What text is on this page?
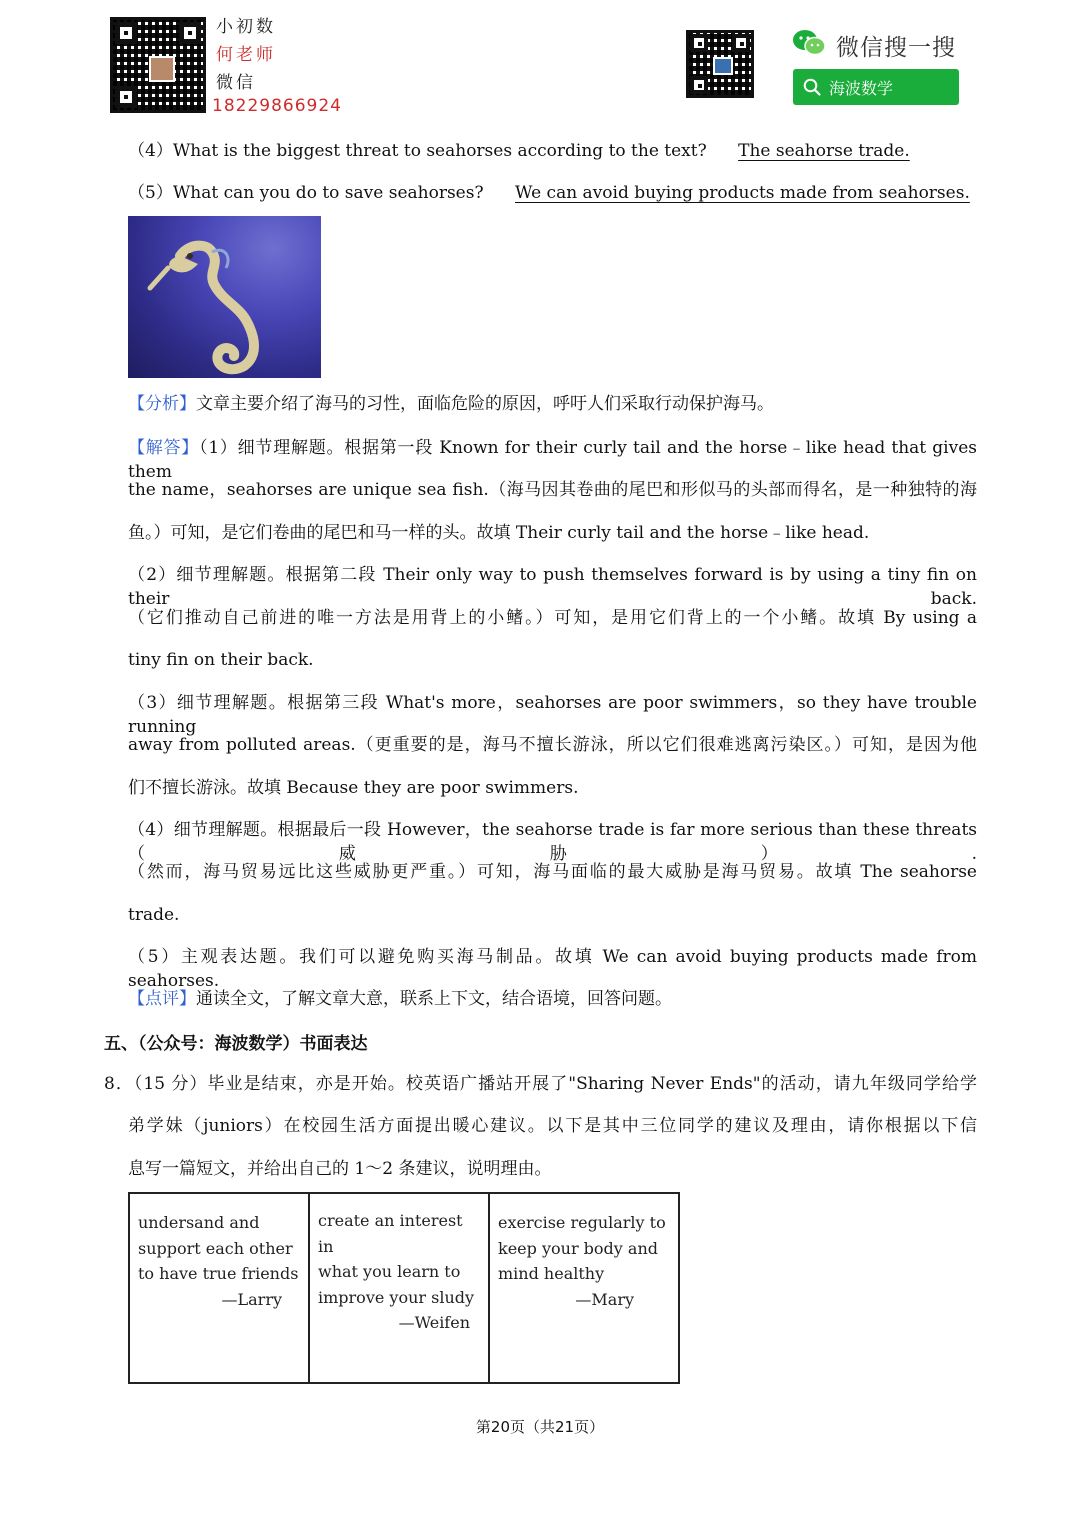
小初数
何老师
微信
18229866924
微信搜一搜
海波数学
（4）What is the biggest threat to seahorses according to the text? The seahorse trade.
（5）What can you do to save seahorses? We can avoid buying products made from seahorses.
【分析】文章主要介绍了海马的习性，面临危险的原因，呼吁人们采取行动保护海马。
【解答】（1）细节理解题。根据第一段 Known for their curly tail and the horse﹣like head that gives them
the name，seahorses are unique sea fish.（海马因其卷曲的尾巴和形似马的头部而得名，是一种独特的海
鱼。）可知，是它们卷曲的尾巴和马一样的头。故填 Their curly tail and the horse﹣like head.
（2）细节理解题。根据第二段 Their only way to push themselves forward is by using a tiny fin on their back.
（它们推动自己前进的唯一方法是用背上的小鳍。）可知，是用它们背上的一个小鳍。故填 By using a
tiny fin on their back.
（3）细节理解题。根据第三段 What's more，seahorses are poor swimmers，so they have trouble running
away from polluted areas.（更重要的是，海马不擅长游泳，所以它们很难逃离污染区。）可知，是因为他
们不擅长游泳。故填 Because they are poor swimmers.
（4）细节理解题。根据最后一段 However，the seahorse trade is far more serious than these threats（威胁）.
（然而，海马贸易远比这些威胁更严重。）可知，海马面临的最大威胁是海马贸易。故填 The seahorse
trade.
（5）主观表达题。我们可以避免购买海马制品。故填 We can avoid buying products made from seahorses.
【点评】通读全文，了解文章大意，联系上下文，结合语境，回答问题。
五、（公众号：海波数学）书面表达
8．（15 分）毕业是结束，亦是开始。校英语广播站开展了"Sharing Never Ends"的活动，请九年级同学给学
弟学妹（juniors）在校园生活方面提出暖心建议。以下是其中三位同学的建议及理由，请你根据以下信
息写一篇短文，并给出自己的 1～2 条建议，说明理由。
undersand and
support each other
to have true friends
—Larry
create an interest in
what you learn to
improve your sludy
—Weifen
exercise regularly to
keep your body and
mind healthy
—Mary
第20页（共21页）
